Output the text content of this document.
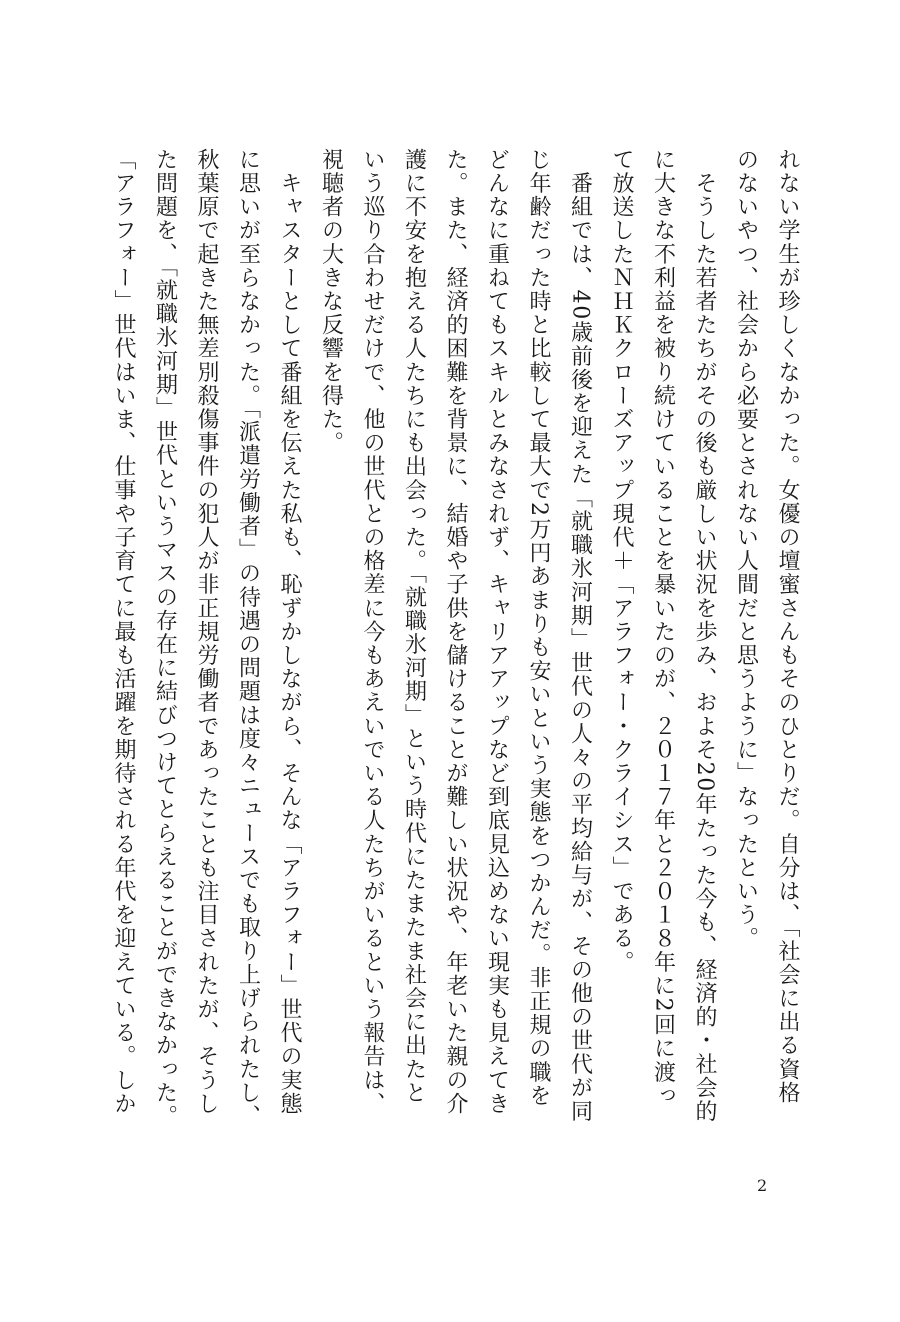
れない学生が珍しくなかった。女優の壇蜜さんもそのひとりだ。自分は、「社会に出る資格

のないやつ、社会から必要とされない人間だと思うように」なったという。

　そうした若者たちがその後も厳しい状況を歩み、およそ20年たった今も、経済的・社会的

に大きな不利益を被り続けていることを暴いたのが、２０１７年と２０１８年に2回に渡っ

て放送したＮＨＫクローズアップ現代＋「アラフォー・クライシス」である。

　番組では、40歳前後を迎えた「就職氷河期」世代の人々の平均給与が、その他の世代が同

じ年齢だった時と比較して最大で2万円あまりも安いという実態をつかんだ。非正規の職を

どんなに重ねてもスキルとみなされず、キャリアアップなど到底見込めない現実も見えてき

た。また、経済的困難を背景に、結婚や子供を儲けることが難しい状況や、年老いた親の介

護に不安を抱える人たちにも出会った。「就職氷河期」という時代にたまたま社会に出たと

いう巡り合わせだけで、他の世代との格差に今もあえいでいる人たちがいるという報告は、

視聴者の大きな反響を得た。

　キャスターとして番組を伝えた私も、恥ずかしながら、そんな「アラフォー」世代の実態

に思いが至らなかった。「派遣労働者」の待遇の問題は度々ニュースでも取り上げられたし、

秋葉原で起きた無差別殺傷事件の犯人が非正規労働者であったことも注目されたが、そうし

た問題を、「就職氷河期」世代というマスの存在に結びつけてとらえることができなかった。

「アラフォー」世代はいま、仕事や子育てに最も活躍を期待される年代を迎えている。しか

2
